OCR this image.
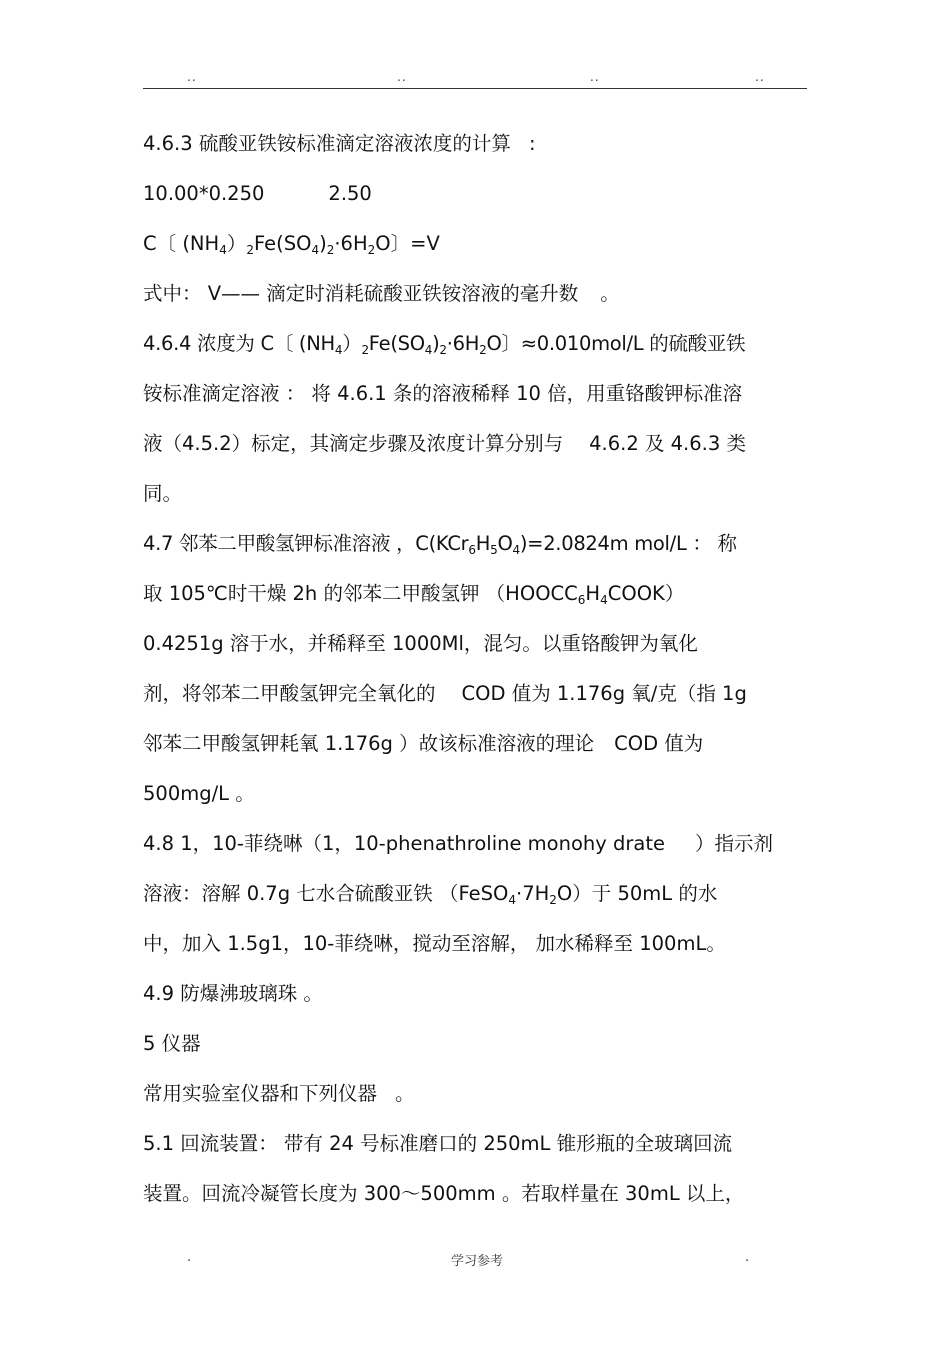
..	..	..	..
4.6.3 硫酸亚铁铵标准滴定溶液浓度的计算 :
10.00*0.250	2.50
C〔 $(NH_4)_2Fe(SO_4)_2\cdot 6H_2O$〕=V
式中： V—— 滴定时消耗硫酸亚铁铵溶液的毫升数 。
4.6.4 浓度为 C〔 $(NH_4)_2Fe(SO_4)_2\cdot 6H_2O$〕≈0.010mol/L 的硫酸亚铁
铵标准滴定溶液 ： 将 4.6.1 条的溶液稀释 10 倍，用重铬酸钾标准溶
液（4.5.2）标定，其滴定步骤及浓度计算分别与 4.6.2 及 4.6.3 类
同。
4.7 邻苯二甲酸氢钾标准溶液 ，$C(KCr_6H_5O_4)=2.0824m$ mol/L ： 称
取 105℃时干燥 2h 的邻苯二甲酸氢钾 $(HOOCC_6H_4COOK)$
0.4251g 溶于水，并稀释至 1000Ml，混匀。以重铬酸钾为氧化
剂，将邻苯二甲酸氢钾完全氧化的 COD 值为 1.176g 氧/克（指 1g
邻苯二甲酸氢钾耗氧 1.176g ）故该标准溶液的理论 COD 值为
500mg/L 。
4.8 1，10-菲绕啉（1，10-phenathroline monohy drate ）指示剂
溶液：溶解 0.7g 七水合硫酸亚铁 $(FeSO_4\cdot 7H_2O)$于 50mL 的水
中，加入 1.5g1，10-菲绕啉，搅动至溶解， 加水稀释至 100mL。
4.9 防爆沸玻璃珠 。
5 仪器
常用实验室仪器和下列仪器 。
5.1 回流装置： 带有 24 号标准磨口的 250mL 锥形瓶的全玻璃回流
装置。回流冷凝管长度为 300～500mm 。若取样量在 30mL 以上，
.	学习参考	.
